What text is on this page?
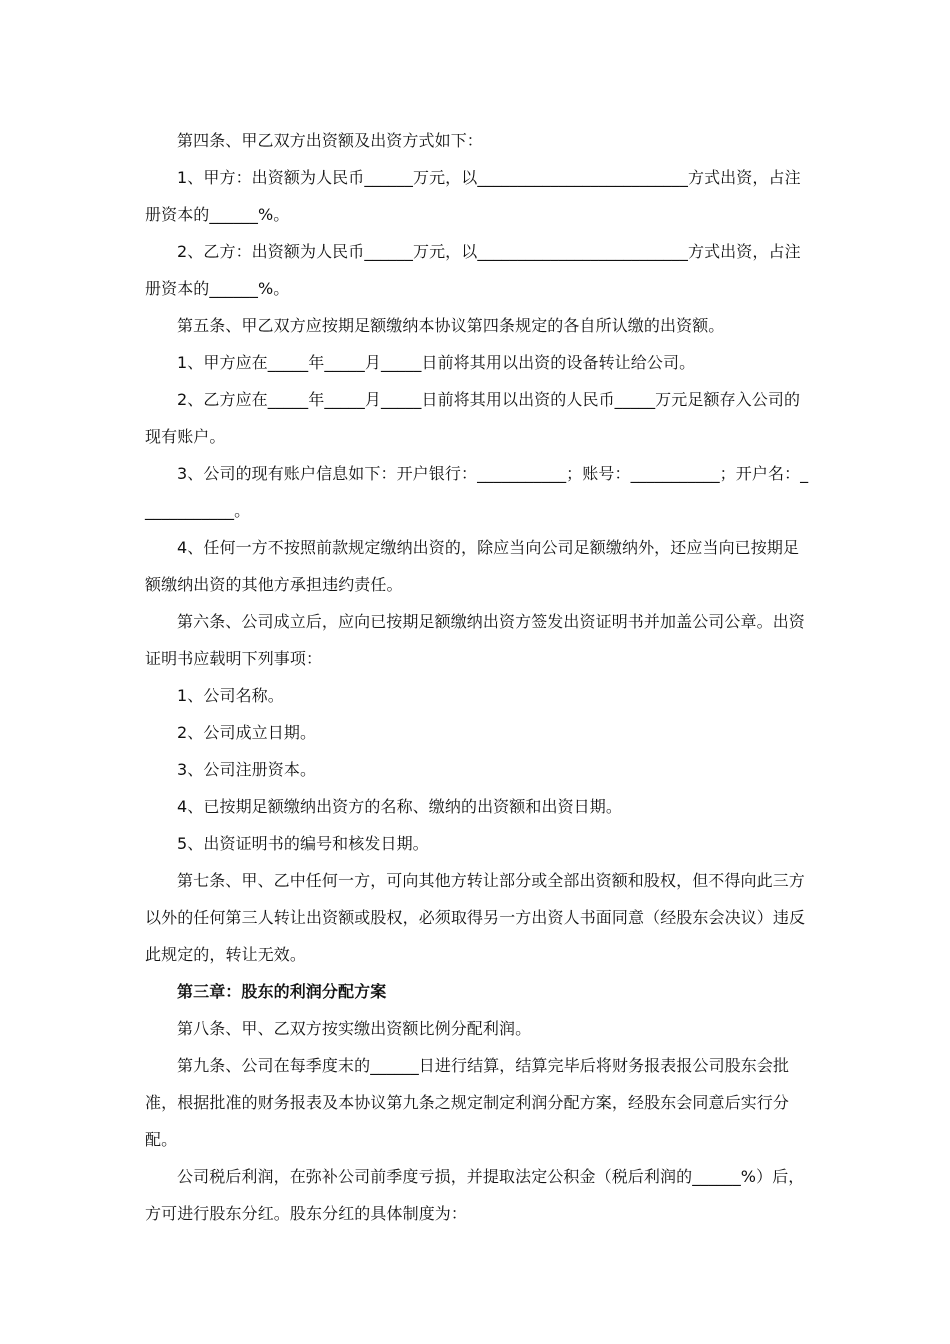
第四条、甲乙双方出资额及出资方式如下：

1、甲方：出资额为人民币______万元，以__________________________方式出资，占注册资本的______%。

2、乙方：出资额为人民币______万元，以__________________________方式出资，占注册资本的______%。

第五条、甲乙双方应按期足额缴纳本协议第四条规定的各自所认缴的出资额。

1、甲方应在_____年_____月_____日前将其用以出资的设备转让给公司。

2、乙方应在_____年_____月_____日前将其用以出资的人民币_____万元足额存入公司的现有账户。

3、公司的现有账户信息如下：开户银行：___________；账号：___________；开户名：____________。

4、任何一方不按照前款规定缴纳出资的，除应当向公司足额缴纳外，还应当向已按期足额缴纳出资的其他方承担违约责任。

第六条、公司成立后，应向已按期足额缴纳出资方签发出资证明书并加盖公司公章。出资证明书应载明下列事项：

1、公司名称。

2、公司成立日期。

3、公司注册资本。

4、已按期足额缴纳出资方的名称、缴纳的出资额和出资日期。

5、出资证明书的编号和核发日期。

第七条、甲、乙中任何一方，可向其他方转让部分或全部出资额和股权，但不得向此三方以外的任何第三人转让出资额或股权，必须取得另一方出资人书面同意（经股东会决议）违反此规定的，转让无效。

第三章：股东的利润分配方案

第八条、甲、乙双方按实缴出资额比例分配利润。

第九条、公司在每季度末的______日进行结算，结算完毕后将财务报表报公司股东会批准，根据批准的财务报表及本协议第九条之规定制定利润分配方案，经股东会同意后实行分配。

公司税后利润，在弥补公司前季度亏损，并提取法定公积金（税后利润的______%）后，方可进行股东分红。股东分红的具体制度为：
